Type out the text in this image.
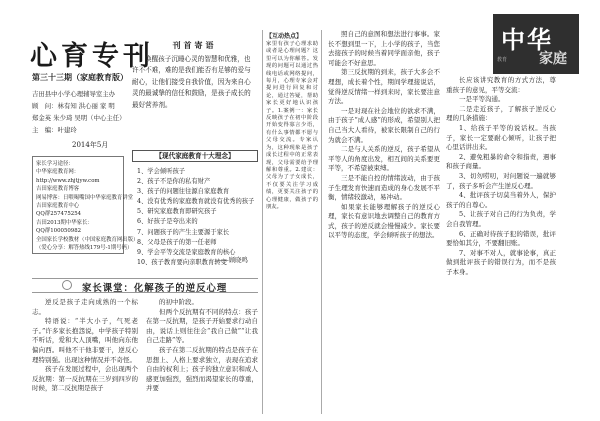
心育专刊
第三十三期（家庭教育版）
吉田县中小学心理辅导室主办
顾　问：林有知 洪心丽 家 明
郑金英 朱少琦 吴明（中心主任）
主　编：叶建玲
2014年5月
刊首寄语
唤醒孩子沉睡心灵的智慧和优雅，也许不不难，难的是我们能否有足够的爱与耐心，让他们接受自我价值，因为来自心灵的最诚挚的信任和鼓励，是孩子成长的最好营养剂。
家长学习途径：
中华家庭教育网：
http://www.zhjtjyw.com
吉田家庭教育博客
网易博客：日喂喝嘴国中华家庭教育讲堂
吉田家庭教育中心
QQ群257475254
吉田2013期中华家长：
QQ群100050982
全国家长学校教材（中国家庭教育网出版）
（爱心分享：解答热线179号-1期号码）
【现代家庭教育十大理念】
1、学会倾听孩子
2、孩子不是你的私有财产
3、孩子的问题往往源自家庭教育
4、没有优秀的家庭教育就没有优秀的孩子
5、研究家庭教育即研究孩子
6、好孩子是夸出来的
7、问题孩子的产生主要源于家长
8、父母是孩子的第一任老师
9、学会平等交流是家庭教育的核心
10、孩子教育要向亲职教育转变
——顾晓鸣
家长课堂：化解孩子的逆反心理

逆反是孩子走向成熟的一个标志。

特语说：“半大小子，气死老子。”许多家长抱怨说，中学孩子特别不听话，爱和大人顶嘴，叫他向东他偏向西。叫他不干他非要干，逆反心理特别强。出现这种情况并不奇怪。

孩子在发展过程中，会出现两个反抗期：第一反抗期在三岁到四岁的时候，第二反抗期是孩子

的初中阶段。

但两个反抗期有不同的特点：孩子在第一反抗期，是孩子开始要求行动自由，说话上则往往会“我自己做”“让我自己走路”等。

孩子在第二反抗期的特点是孩子在思想上、人格上要求独立，表现在追求自由的权利上；孩子的独立意识和成人感更加强烈，强烈而渴望家长的尊重，并要

【互动热点】

家里有孩子心理求助或者是心理问题？这里可以为你解答。发现的问题可以通过热线电话或网络提问，每月，心理专家会对提问进行回复和讨论，通过答疑，帮助家长更好地认识孩子。1.案例一：家长反映孩子在初中阶段开始变得寡言少语，有什么事情都不愿与父母交流。专家认为，这种现象是孩子成长过程中的正常表现，父母需要给予理解和尊重。2.建议：父母为了子女成长，不仅要关注学习成绩，更要关注孩子的心理健康，做孩子的朋友。

照自己的意图和想法进行事事。家长不想到里一下，上小学的孩子，当您去接孩子的时候当着同学面亲他，孩子可能会不好意思。

第三反抗期的到来，孩子大多会不理想，成长着个性，期间学理接说话，觉得逆反情绪一样到来时，家长要注意方法。

一是对现在社会地位的欲求不满，由于孩子“成人感”的形成，希望别人把自己当大人看待，被家长限制自己的行为就会不满。

二是与人关系的逆反，孩子希望从平等人的角度出发，相互间的关系要更平等，不希望被束缚。

三是不能自控的情绪波动，由于孩子生理发育快速而造成的身心发展不平衡，情绪较激动，易冲动。

如果家长能够理解孩子的逆反心理，家长有意识地去调整自己的教育方式，孩子的逆反就会慢慢减少。家长要以平等的态度，学会倾听孩子的想法。

长应该讲究教育的方式方法，尊重孩子的意见，平等交流：

一是平等沟通。

二是走近孩子，了解孩子逆反心理的几条措施：

1、给孩子平等的说话权。当孩子，家长一定要耐心倾听，让孩子把心里话讲出来。

2、避免粗暴的命令和指责，遇事和孩子商量。

3、切勿唠叨，对问题说一遍就够了，孩子多听会产生逆反心理。

4、批评孩子切莫当着外人，保护孩子的自尊心。

5、让孩子对自己的行为负责，学会自我管理。

6、正确对待孩子犯的错误，批评要恰如其分，不要翻旧账。

7、对事不对人，就事论事，真正做到批评孩子的错误行为，而不是孩子本身。

中华
家庭
教育
